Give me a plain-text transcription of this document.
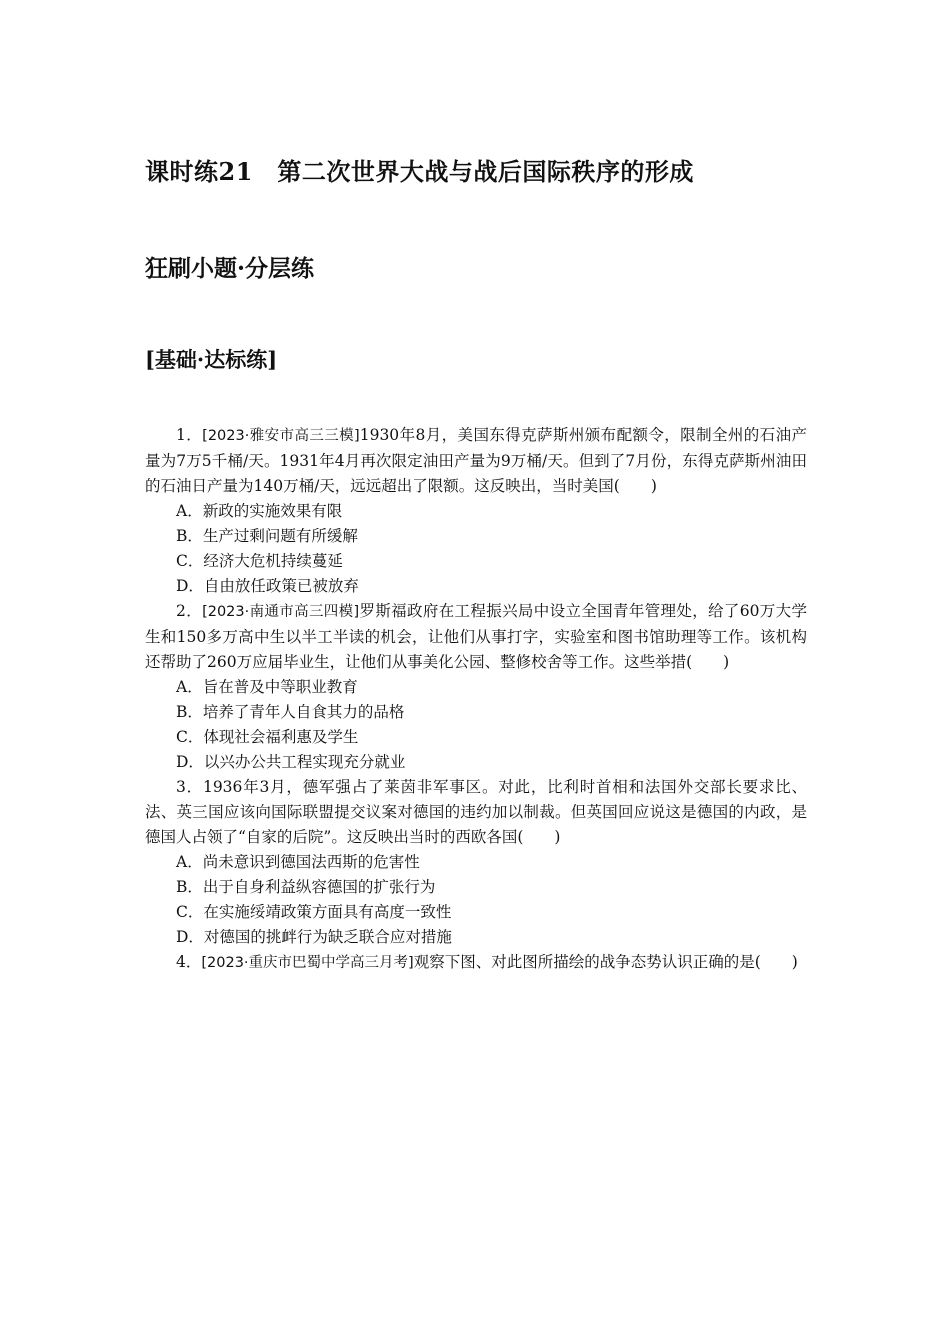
课时练21　第二次世界大战与战后国际秩序的形成
狂刷小题·分层练
[基础·达标练]

1．[2023·雅安市高三三模]1930年8月，美国东得克萨斯州颁布配额令，限制全州的石油产量为7万5千桶/天。1931年4月再次限定油田产量为9万桶/天。但到了7月份，东得克萨斯州油田的石油日产量为140万桶/天，远远超出了限额。这反映出，当时美国(　　)

A．新政的实施效果有限
B．生产过剩问题有所缓解
C．经济大危机持续蔓延
D．自由放任政策已被放弃

2．[2023·南通市高三四模]罗斯福政府在工程振兴局中设立全国青年管理处，给了60万大学生和150多万高中生以半工半读的机会，让他们从事打字，实验室和图书馆助理等工作。该机构还帮助了260万应届毕业生，让他们从事美化公园、整修校舍等工作。这些举措(　　)

A．旨在普及中等职业教育
B．培养了青年人自食其力的品格
C．体现社会福利惠及学生
D．以兴办公共工程实现充分就业

3．1936年3月，德军强占了莱茵非军事区。对此，比利时首相和法国外交部长要求比、法、英三国应该向国际联盟提交议案对德国的违约加以制裁。但英国回应说这是德国的内政，是德国人占领了“自家的后院”。这反映出当时的西欧各国(　　)

A．尚未意识到德国法西斯的危害性
B．出于自身利益纵容德国的扩张行为
C．在实施绥靖政策方面具有高度一致性
D．对德国的挑衅行为缺乏联合应对措施

4．[2023·重庆市巴蜀中学高三月考]观察下图、对此图所描绘的战争态势认识正确的是(　　)
